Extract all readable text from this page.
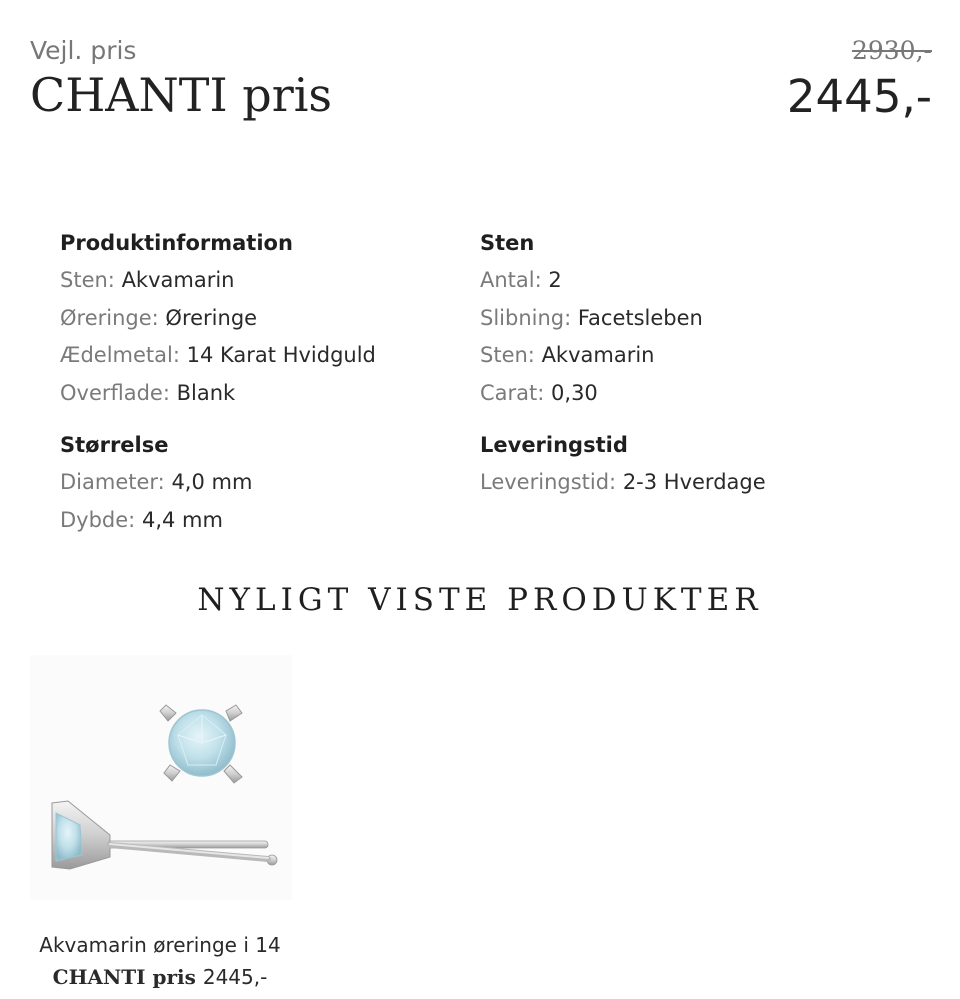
Vejl. pris	2930,-
CHANTI pris	2445,-
Produktinformation
Sten: Akvamarin
Øreringe: Øreringe
Ædelmetal: 14 Karat Hvidguld
Overflade: Blank
Størrelse
Diameter: 4,0 mm
Dybde: 4,4 mm
Sten
Antal: 2
Slibning: Facetsleben
Sten: Akvamarin
Carat: 0,30
Leveringstid
Leveringstid: 2-3 Hverdage
NYLIGT VISTE PRODUKTER
Akvamarin øreringe i 14
CHANTI pris 2445,-
